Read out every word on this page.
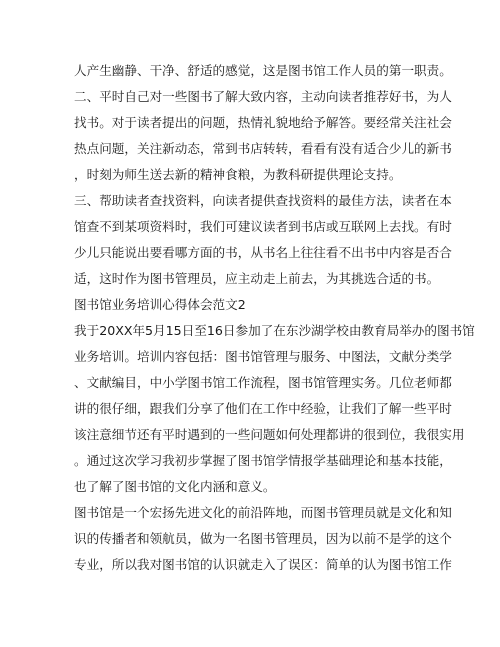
人产生幽静、干净、舒适的感觉，这是图书馆工作人员的第一职责。
二、平时自己对一些图书了解大致内容，主动向读者推荐好书，为人
找书。对于读者提出的问题，热情礼貌地给予解答。要经常关注社会
热点问题，关注新动态，常到书店转转，看看有没有适合少儿的新书
，时刻为师生送去新的精神食粮，为教科研提供理论支持。
三、帮助读者查找资料，向读者提供查找资料的最佳方法，读者在本
馆查不到某项资料时，我们可建议读者到书店或互联网上去找。有时
少儿只能说出要看哪方面的书，从书名上往往看不出书中内容是否合
适，这时作为图书管理员，应主动走上前去，为其挑选合适的书。
图书馆业务培训心得体会范文2
我于20XX年5月15日至16日参加了在东沙湖学校由教育局举办的图书馆
业务培训。培训内容包括：图书馆管理与服务、中图法，文献分类学
、文献编目，中小学图书馆工作流程，图书馆管理实务。几位老师都
讲的很仔细，跟我们分享了他们在工作中经验，让我们了解一些平时
该注意细节还有平时遇到的一些问题如何处理都讲的很到位，我很实用
。通过这次学习我初步掌握了图书馆学情报学基础理论和基本技能，
也了解了图书馆的文化内涵和意义。
图书馆是一个宏扬先进文化的前沿阵地，而图书管理员就是文化和知
识的传播者和领航员，做为一名图书管理员，因为以前不是学的这个
专业，所以我对图书馆的认识就走入了误区：简单的认为图书馆工作
